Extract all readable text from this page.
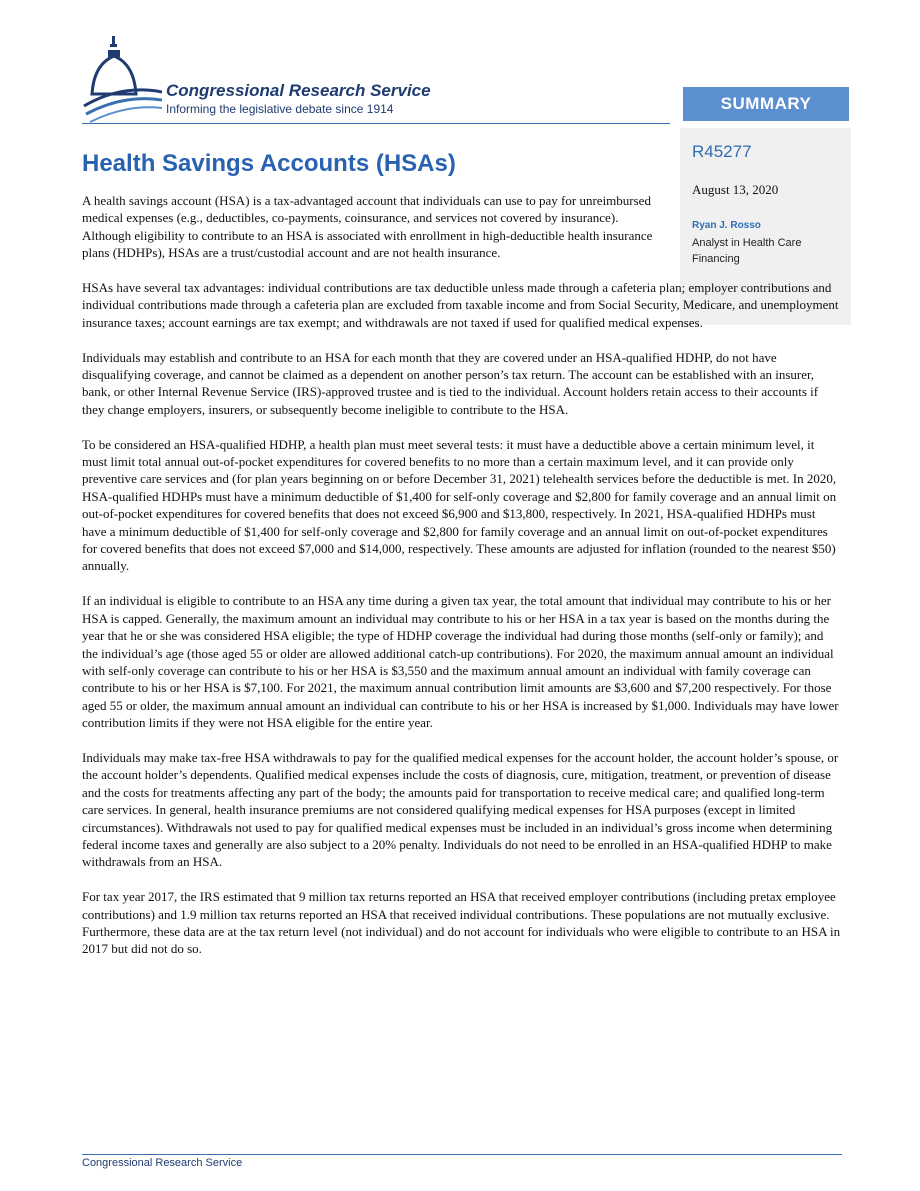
Congressional Research Service
Informing the legislative debate since 1914	SUMMARY
R45277
August 13, 2020
Ryan J. Rosso
Analyst in Health Care Financing
Health Savings Accounts (HSAs)

A health savings account (HSA) is a tax-advantaged account that individuals can use to pay for unreimbursed medical expenses (e.g., deductibles, co-payments, coinsurance, and services not covered by insurance). Although eligibility to contribute to an HSA is associated with enrollment in high-deductible health insurance plans (HDHPs), HSAs are a trust/custodial account and are not health insurance.

HSAs have several tax advantages: individual contributions are tax deductible unless made through a cafeteria plan; employer contributions and individual contributions made through a cafeteria plan are excluded from taxable income and from Social Security, Medicare, and unemployment insurance taxes; account earnings are tax exempt; and withdrawals are not taxed if used for qualified medical expenses.

Individuals may establish and contribute to an HSA for each month that they are covered under an HSA-qualified HDHP, do not have disqualifying coverage, and cannot be claimed as a dependent on another person’s tax return. The account can be established with an insurer, bank, or other Internal Revenue Service (IRS)-approved trustee and is tied to the individual. Account holders retain access to their accounts if they change employers, insurers, or subsequently become ineligible to contribute to the HSA.

To be considered an HSA-qualified HDHP, a health plan must meet several tests: it must have a deductible above a certain minimum level, it must limit total annual out-of-pocket expenditures for covered benefits to no more than a certain maximum level, and it can provide only preventive care services and (for plan years beginning on or before December 31, 2021) telehealth services before the deductible is met. In 2020, HSA-qualified HDHPs must have a minimum deductible of $1,400 for self-only coverage and $2,800 for family coverage and an annual limit on out-of-pocket expenditures for covered benefits that does not exceed $6,900 and $13,800, respectively. In 2021, HSA-qualified HDHPs must have a minimum deductible of $1,400 for self-only coverage and $2,800 for family coverage and an annual limit on out-of-pocket expenditures for covered benefits that does not exceed $7,000 and $14,000, respectively. These amounts are adjusted for inflation (rounded to the nearest $50) annually.

If an individual is eligible to contribute to an HSA any time during a given tax year, the total amount that individual may contribute to his or her HSA is capped. Generally, the maximum amount an individual may contribute to his or her HSA in a tax year is based on the months during the year that he or she was considered HSA eligible; the type of HDHP coverage the individual had during those months (self-only or family); and the individual’s age (those aged 55 or older are allowed additional catch-up contributions). For 2020, the maximum annual amount an individual with self-only coverage can contribute to his or her HSA is $3,550 and the maximum annual amount an individual with family coverage can contribute to his or her HSA is $7,100. For 2021, the maximum annual contribution limit amounts are $3,600 and $7,200 respectively. For those aged 55 or older, the maximum annual amount an individual can contribute to his or her HSA is increased by $1,000. Individuals may have lower contribution limits if they were not HSA eligible for the entire year.

Individuals may make tax-free HSA withdrawals to pay for the qualified medical expenses for the account holder, the account holder’s spouse, or the account holder’s dependents. Qualified medical expenses include the costs of diagnosis, cure, mitigation, treatment, or prevention of disease and the costs for treatments affecting any part of the body; the amounts paid for transportation to receive medical care; and qualified long-term care services. In general, health insurance premiums are not considered qualifying medical expenses for HSA purposes (except in limited circumstances). Withdrawals not used to pay for qualified medical expenses must be included in an individual’s gross income when determining federal income taxes and generally are also subject to a 20% penalty. Individuals do not need to be enrolled in an HSA-qualified HDHP to make withdrawals from an HSA.

For tax year 2017, the IRS estimated that 9 million tax returns reported an HSA that received employer contributions (including pretax employee contributions) and 1.9 million tax returns reported an HSA that received individual contributions. These populations are not mutually exclusive. Furthermore, these data are at the tax return level (not individual) and do not account for individuals who were eligible to contribute to an HSA in 2017 but did not do so.

Congressional Research Service
